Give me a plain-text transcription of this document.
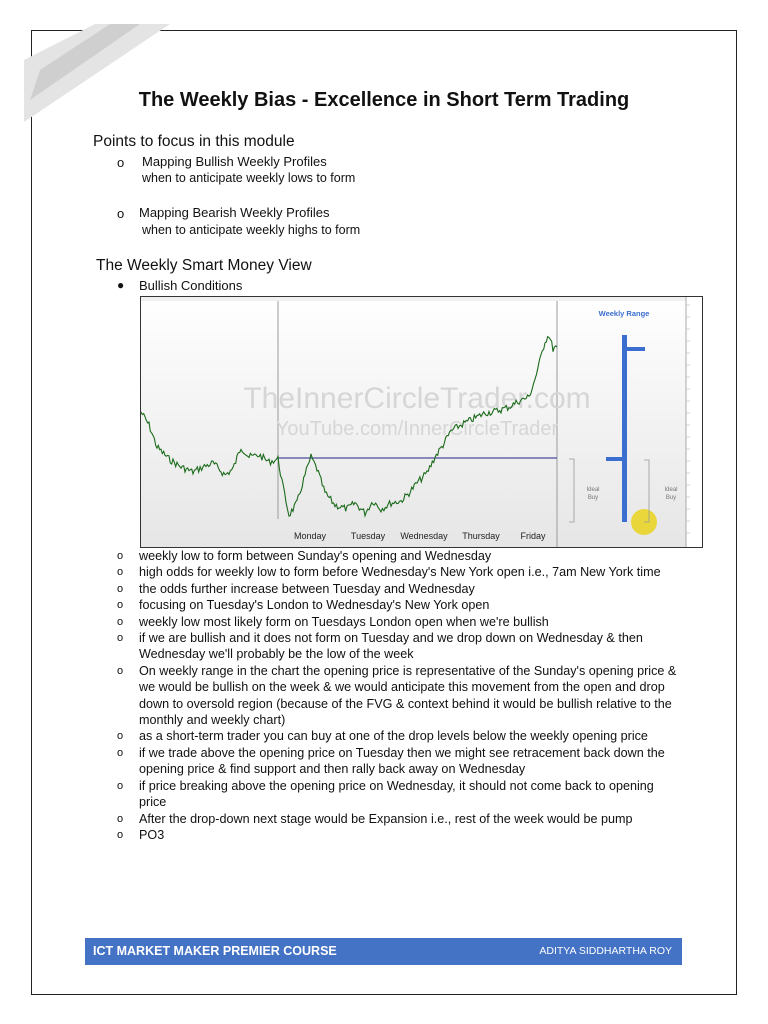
The Weekly Bias - Excellence in Short Term Trading
Points to focus in this module
o Mapping Bullish Weekly Profiles
when to anticipate weekly lows to form
o Mapping Bearish Weekly Profiles
when to anticipate weekly highs to form
The Weekly Smart Money View
● Bullish Conditions
TheInnerCircleTrader.com
YouTube.com/InnerCircleTrader
Monday	Tuesday Wednesday Thursday Friday
Weekly Range
Ideal Buy
Ideal Buy
o weekly low to form between Sunday's opening and Wednesday
o high odds for weekly low to form before Wednesday's New York open i.e., 7am New York time
o the odds further increase between Tuesday and Wednesday
o focusing on Tuesday's London to Wednesday's New York open
o weekly low most likely form on Tuesdays London open when we're bullish
o if we are bullish and it does not form on Tuesday and we drop down on Wednesday & then Wednesday we'll probably be the low of the week
o On weekly range in the chart the opening price is representative of the Sunday's opening price & we would be bullish on the week & we would anticipate this movement from the open and drop down to oversold region (because of the FVG & context behind it would be bullish relative to the monthly and weekly chart)
o as a short-term trader you can buy at one of the drop levels below the weekly opening price
o if we trade above the opening price on Tuesday then we might see retracement back down the opening price & find support and then rally back away on Wednesday
o if price breaking above the opening price on Wednesday, it should not come back to opening price
o After the drop-down next stage would be Expansion i.e., rest of the week would be pump
o PO3
ICT MARKET MAKER PREMIER COURSE	ADITYA SIDDHARTHA ROY
